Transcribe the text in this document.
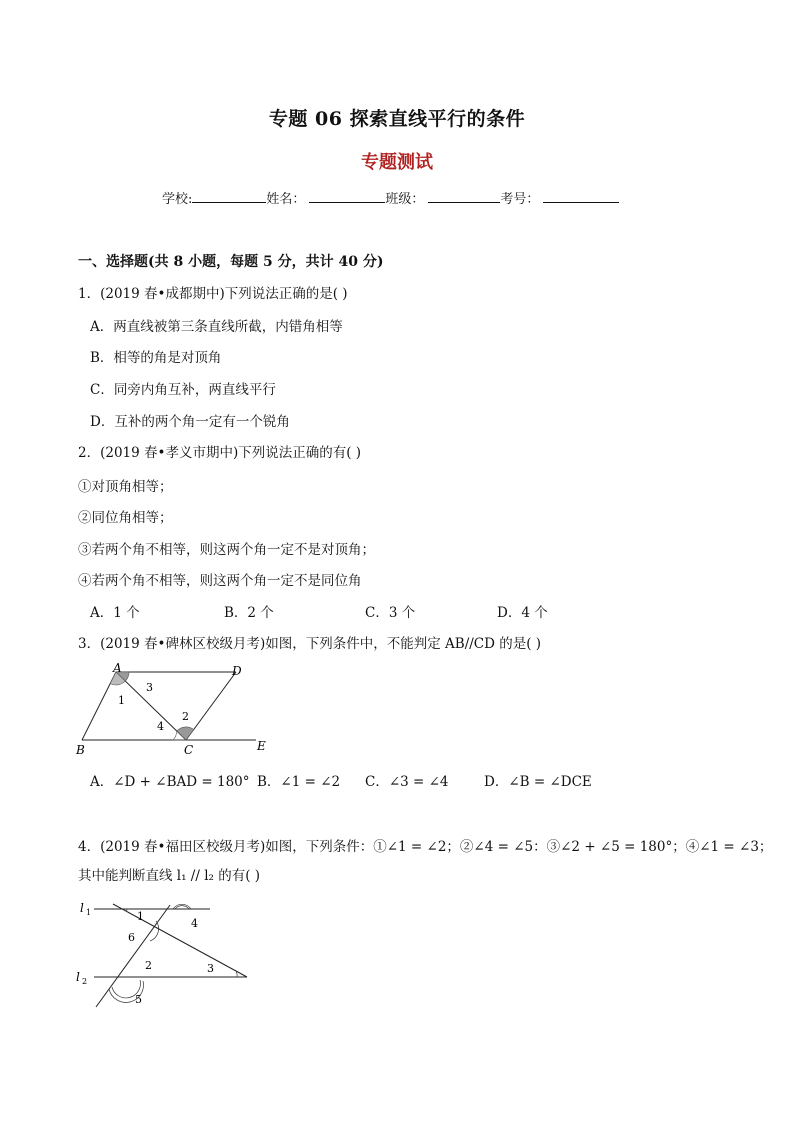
专题 06 探索直线平行的条件
专题测试
学校:	姓名：	班级：	考号：
一、选择题(共 8 小题，每题 5 分，共计 40 分)
1．(2019 春•成都期中)下列说法正确的是( )
A．两直线被第三条直线所截，内错角相等
B．相等的角是对顶角
C．同旁内角互补，两直线平行
D．互补的两个角一定有一个锐角
2．(2019 春•孝义市期中)下列说法正确的有( )
①对顶角相等；
②同位角相等；
③若两个角不相等，则这两个角一定不是对顶角；
④若两个角不相等，则这两个角一定不是同位角
A．1 个	B．2 个	C．3 个	D．4 个
3．(2019 春•碑林区校级月考)如图，下列条件中，不能判定 AB//CD 的是( )
A	D
B	C	E
3
1
4
2
A．∠D + ∠BAD = 180° B．∠1 = ∠2 C．∠3 = ∠4	D．∠B = ∠DCE
4．(2019 春•福田区校级月考)如图，下列条件：①∠1 = ∠2；②∠4 = ∠5：③∠2 + ∠5 = 180°；④∠1 = ∠3；
其中能判断直线 l₁ // l₂ 的有( )
l 1
l 2
1
4
6
2	3
5
